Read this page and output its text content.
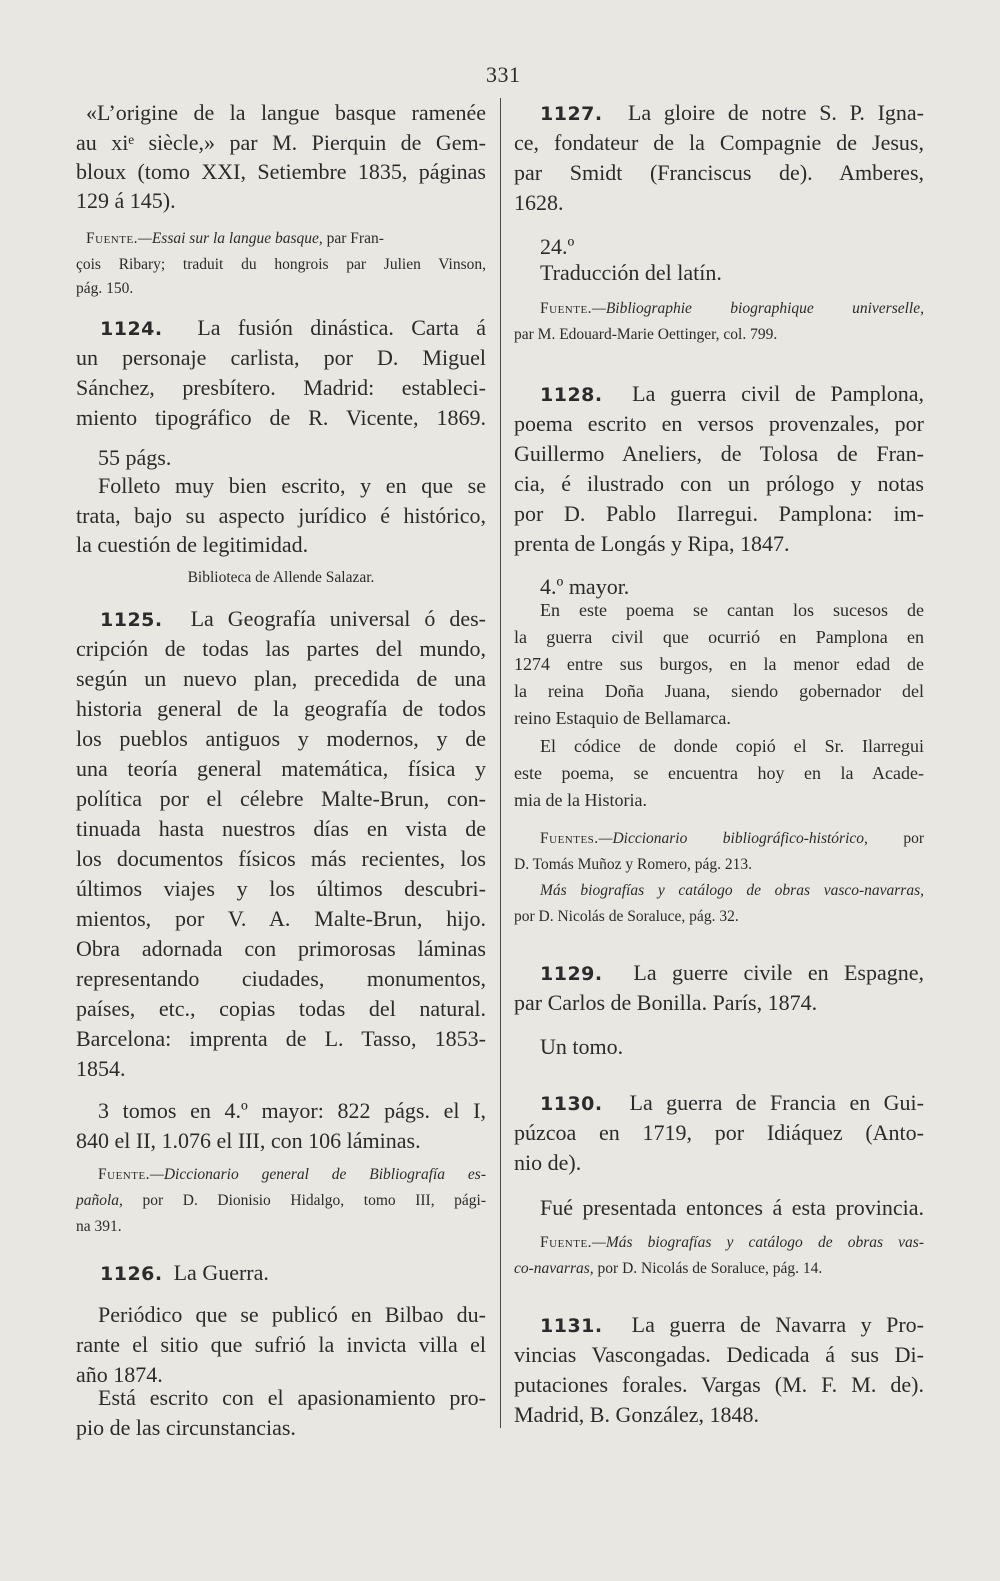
331

«L’origine de la langue basque ramenée

au xiᵉ siècle,» par M. Pierquin de Gem-

bloux (tomo XXI, Setiembre 1835, páginas

129 á 145).

Fuente.—Essai sur la langue basque, par Fran-

çois Ribary; traduit du hongrois par Julien Vinson,

pág. 150.

1124. La fusión dinástica. Carta á

un personaje carlista, por D. Miguel

Sánchez, presbítero. Madrid: estableci-

miento tipográfico de R. Vicente, 1869.

55 págs.

Folleto muy bien escrito, y en que se

trata, bajo su aspecto jurídico é histórico,

la cuestión de legitimidad.

Biblioteca de Allende Salazar.

1125. La Geografía universal ó des-

cripción de todas las partes del mundo,

según un nuevo plan, precedida de una

historia general de la geografía de todos

los pueblos antiguos y modernos, y de

una teoría general matemática, física y

política por el célebre Malte-Brun, con-

tinuada hasta nuestros días en vista de

los documentos físicos más recientes, los

últimos viajes y los últimos descubri-

mientos, por V. A. Malte-Brun, hijo.

Obra adornada con primorosas láminas

representando ciudades, monumentos,

países, etc., copias todas del natural.

Barcelona: imprenta de L. Tasso, 1853-

1854.

3 tomos en 4.º mayor: 822 págs. el I,

840 el II, 1.076 el III, con 106 láminas.

Fuente.—Diccionario general de Bibliografía es-

pañola, por D. Dionisio Hidalgo, tomo III, pági-

na 391.

1126. La Guerra.

Periódico que se publicó en Bilbao du-

rante el sitio que sufrió la invicta villa el

año 1874.

Está escrito con el apasionamiento pro-

pio de las circunstancias.

1127. La gloire de notre S. P. Igna-

ce, fondateur de la Compagnie de Jesus,

par Smidt (Franciscus de). Amberes,

1628.

24.º

Traducción del latín.

Fuente.—Bibliographie biographique universelle,

par M. Edouard-Marie Oettinger, col. 799.

1128. La guerra civil de Pamplona,

poema escrito en versos provenzales, por

Guillermo Aneliers, de Tolosa de Fran-

cia, é ilustrado con un prólogo y notas

por D. Pablo Ilarregui. Pamplona: im-

prenta de Longás y Ripa, 1847.

4.º mayor.

En este poema se cantan los sucesos de

la guerra civil que ocurrió en Pamplona en

1274 entre sus burgos, en la menor edad de

la reina Doña Juana, siendo gobernador del

reino Estaquio de Bellamarca.

El códice de donde copió el Sr. Ilarregui

este poema, se encuentra hoy en la Acade-

mia de la Historia.

Fuentes.—Diccionario bibliográfico-histórico, por

D. Tomás Muñoz y Romero, pág. 213.

Más biografías y catálogo de obras vasco-navarras,

por D. Nicolás de Soraluce, pág. 32.

1129. La guerre civile en Espagne,

par Carlos de Bonilla. París, 1874.

Un tomo.

1130. La guerra de Francia en Gui-

púzcoa en 1719, por Idiáquez (Anto-

nio de).

Fué presentada entonces á esta provincia.

Fuente.—Más biografías y catálogo de obras vas-

co-navarras, por D. Nicolás de Soraluce, pág. 14.

1131. La guerra de Navarra y Pro-

vincias Vascongadas. Dedicada á sus Di-

putaciones forales. Vargas (M. F. M. de).

Madrid, B. González, 1848.
